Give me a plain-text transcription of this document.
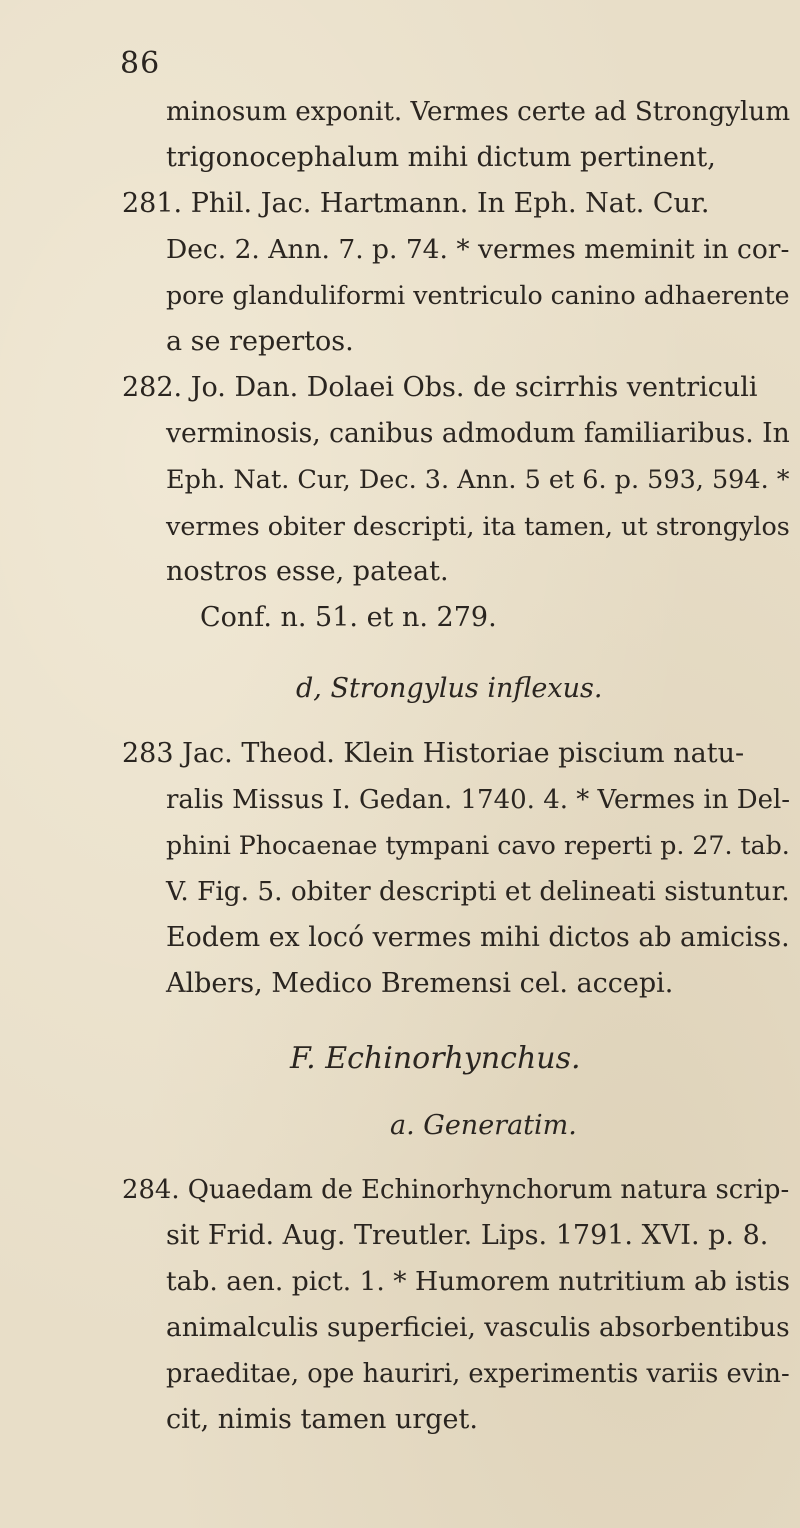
86
minosum exponit. Vermes certe ad Strongylum
trigonocephalum mihi dictum pertinent,
281. Phil. Jac. Hartmann. In Eph. Nat. Cur.
Dec. 2. Ann. 7. p. 74. * vermes meminit in cor-
pore glanduliformi ventriculo canino adhaerente
a se repertos.
282. Jo. Dan. Dolaei Obs. de scirrhis ventriculi
verminosis, canibus admodum familiaribus. In
Eph. Nat. Cur, Dec. 3. Ann. 5 et 6. p. 593, 594. *
vermes obiter descripti, ita tamen, ut strongylos
nostros esse, pateat.
Conf. n. 51. et n. 279.
d, Strongylus inflexus.
283 Jac. Theod. Klein Historiae piscium natu-
ralis Missus I. Gedan. 1740. 4. * Vermes in Del-
phini Phocaenae tympani cavo reperti p. 27. tab.
V. Fig. 5. obiter descripti et delineati sistuntur.
Eodem ex locó vermes mihi dictos ab amiciss.
Albers, Medico Bremensi cel. accepi.
F. Echinorhynchus.
a. Generatim.
284. Quaedam de Echinorhynchorum natura scrip-
sit Frid. Aug. Treutler. Lips. 1791. XVI. p. 8.
tab. aen. pict. 1. * Humorem nutritium ab istis
animalculis superficiei, vasculis absorbentibus
praeditae, ope hauriri, experimentis variis evin-
cit, nimis tamen urget.
